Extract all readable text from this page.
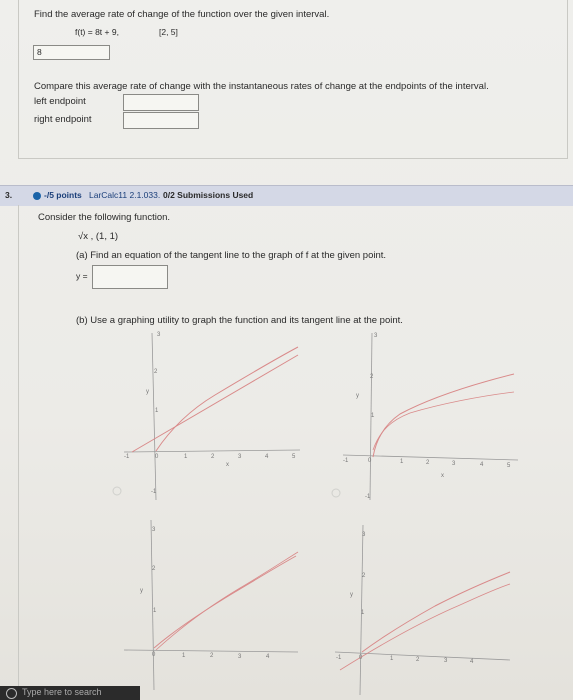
Find the average rate of change of the function over the given interval.
f(t) = 8t + 9,	[2, 5]
8
Compare this average rate of change with the instantaneous rates of change at the endpoints of the interval.
left endpoint
right endpoint
3.	-/5 points LarCalc11 2.1.033. 0/2 Submissions Used
Consider the following function.
√x , (1, 1)
(a) Find an equation of the tangent line to the graph of f at the given point.
y =
(b) Use a graphing utility to graph the function and its tangent line at the point.
3
2
1
-1
y
-1	0	1	2	3	4	5
x
3
2
1
-1
y
-1	0	1	2	3	4	5
x
3
2
1
y
0	1	2	3	4
3
2
1
y
-1	0	1	2	3	4
Type here to search
